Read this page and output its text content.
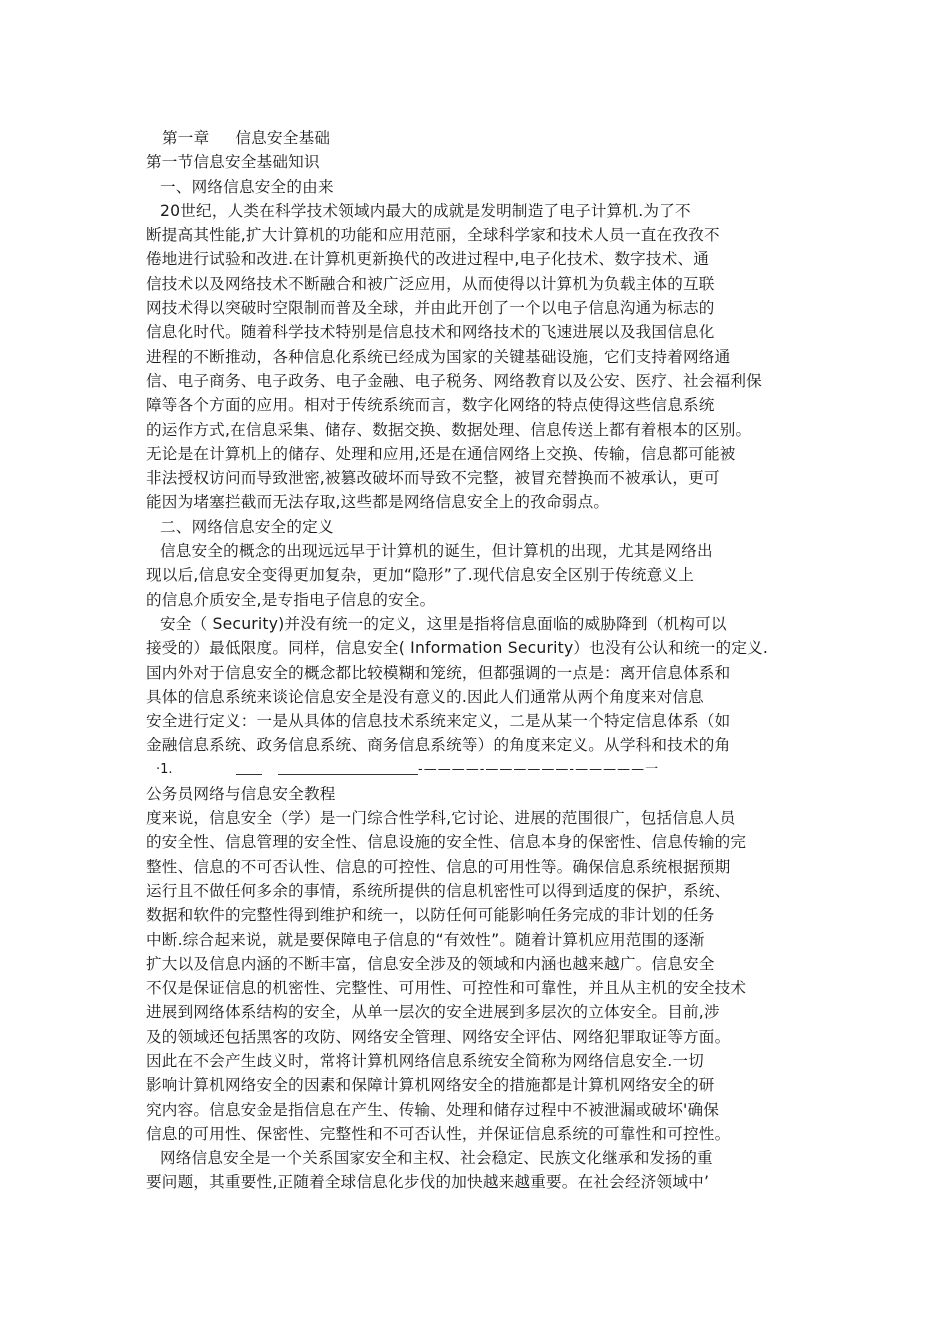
第一章 信息安全基础
第一节信息安全基础知识
一、网络信息安全的由来
20世纪，人类在科学技术领域内最大的成就是发明制造了电子计算机.为了不
断提高其性能,扩大计算机的功能和应用范丽，全球科学家和技术人员一直在孜孜不
倦地进行试验和改进.在计算机更新换代的改进过程中,电子化技术、数字技术、通
信技术以及网络技术不断融合和被广泛应用，从而使得以计算机为负载主体的互联
网技术得以突破时空限制而普及全球，并由此开创了一个以电子信息沟通为标志的
信息化时代。随着科学技术特别是信息技术和网络技术的飞速进展以及我国信息化
进程的不断推动，各种信息化系统已经成为国家的关键基础设施，它们支持着网络通
信、电子商务、电子政务、电子金融、电子税务、网络教育以及公安、医疗、社会福利保
障等各个方面的应用。相对于传统系统而言，数字化网络的特点使得这些信息系统
的运作方式,在信息采集、储存、数据交换、数据处理、信息传送上都有着根本的区别。
无论是在计算机上的储存、处理和应用,还是在通信网络上交换、传输，信息都可能被
非法授权访问而导致泄密,被篡改破坏而导致不完整，被冒充替换而不被承认，更可
能因为堵塞拦截而无法存取,这些都是网络信息安全上的孜命弱点。
二、网络信息安全的定义
信息安全的概念的出现远远早于计算机的诞生，但计算机的出现，尤其是网络出
现以后,信息安全变得更加复杂，更加“隐形”了.现代信息安全区别于传统意义上
的信息介质安全,是专指电子信息的安全。
安全（ Security)并没有统一的定义，这里是指将信息面临的威胁降到（机构可以
接受的）最低限度。同样，信息安全( Information Security）也没有公认和统一的定义.
国内外对于信息安全的概念都比较模糊和笼统，但都强调的一点是：离开信息体系和
具体的信息系统来谈论信息安全是没有意义的.因此人们通常从两个角度来对信息
安全进行定义：一是从具体的信息技术系统来定义，二是从某一个特定信息体系（如
金融信息系统、政务信息系统、商务信息系统等）的角度来定义。从学科和技术的角
·1.	-————-——————-—————一
公务员网络与信息安全教程
度来说，信息安全（学）是一门综合性学科,它讨论、进展的范围很广，包括信息人员
的安全性、信息管理的安全性、信息设施的安全性、信息本身的保密性、信息传输的完
整性、信息的不可否认性、信息的可控性、信息的可用性等。确保信息系统根据预期
运行且不做任何多余的事情，系统所提供的信息机密性可以得到适度的保护，系统、
数据和软件的完整性得到维护和统一，以防任何可能影响任务完成的非计划的任务
中断.综合起来说，就是要保障电子信息的“有效性”。随着计算机应用范围的逐渐
扩大以及信息内涵的不断丰富，信息安全涉及的领域和内涵也越来越广。信息安全
不仅是保证信息的机密性、完整性、可用性、可控性和可靠性，并且从主机的安全技术
进展到网络体系结构的安全，从单一层次的安全进展到多层次的立体安全。目前,涉
及的领域还包括黑客的攻防、网络安全管理、网络安全评估、网络犯罪取证等方面。
因此在不会产生歧义时，常将计算机网络信息系统安全简称为网络信息安全.一切
影响计算机网络安全的因素和保障计算机网络安全的措施都是计算机网络安全的研
究内容。信息安金是指信息在产生、传输、处理和储存过程中不被泄漏或破坏'确保
信息的可用性、保密性、完整性和不可否认性，并保证信息系统的可靠性和可控性。
网络信息安全是一个关系国家安全和主权、社会稳定、民族文化继承和发扬的重
要问题，其重要性,正随着全球信息化步伐的加快越来越重要。在社会经济领域中’
